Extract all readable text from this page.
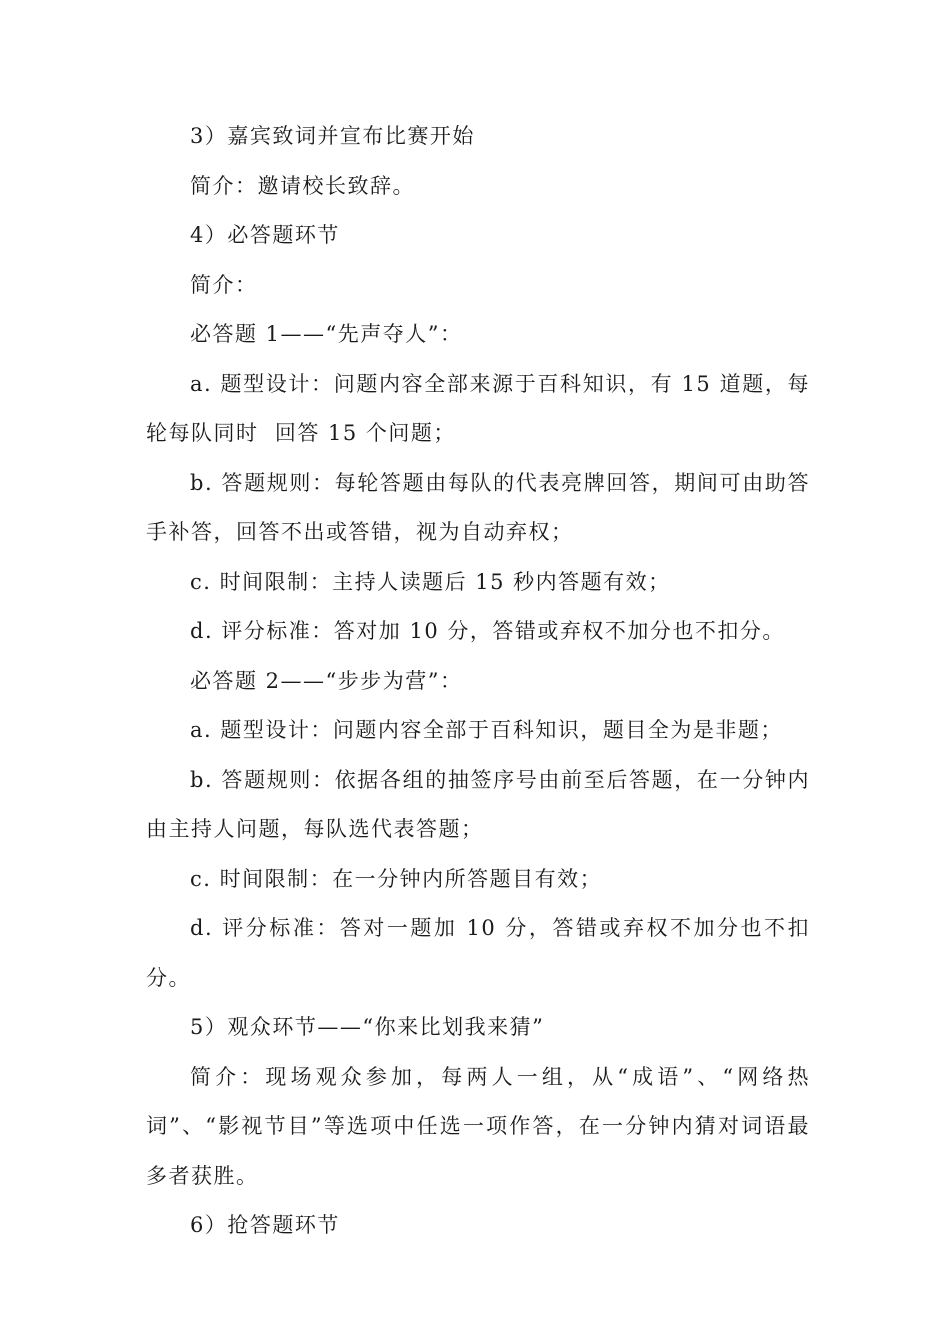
3）嘉宾致词并宣布比赛开始

简介：邀请校长致辞。

4）必答题环节

简介：

必答题 1——“先声夺人”：

a. 题型设计：问题内容全部来源于百科知识，有 15 道题，每轮每队同时  回答 15 个问题；

b. 答题规则：每轮答题由每队的代表亮牌回答，期间可由助答手补答，回答不出或答错，视为自动弃权；

c. 时间限制：主持人读题后 15 秒内答题有效；

d. 评分标准：答对加 10 分，答错或弃权不加分也不扣分。

必答题 2——“步步为营”：

a. 题型设计：问题内容全部于百科知识，题目全为是非题；

b. 答题规则：依据各组的抽签序号由前至后答题，在一分钟内由主持人问题，每队选代表答题；

c. 时间限制：在一分钟内所答题目有效；

d. 评分标准：答对一题加 10 分，答错或弃权不加分也不扣分。

5）观众环节——“你来比划我来猜”

简介：现场观众参加，每两人一组，从“成语”、“网络热词”、“影视节目”等选项中任选一项作答，在一分钟内猜对词语最多者获胜。

6）抢答题环节
